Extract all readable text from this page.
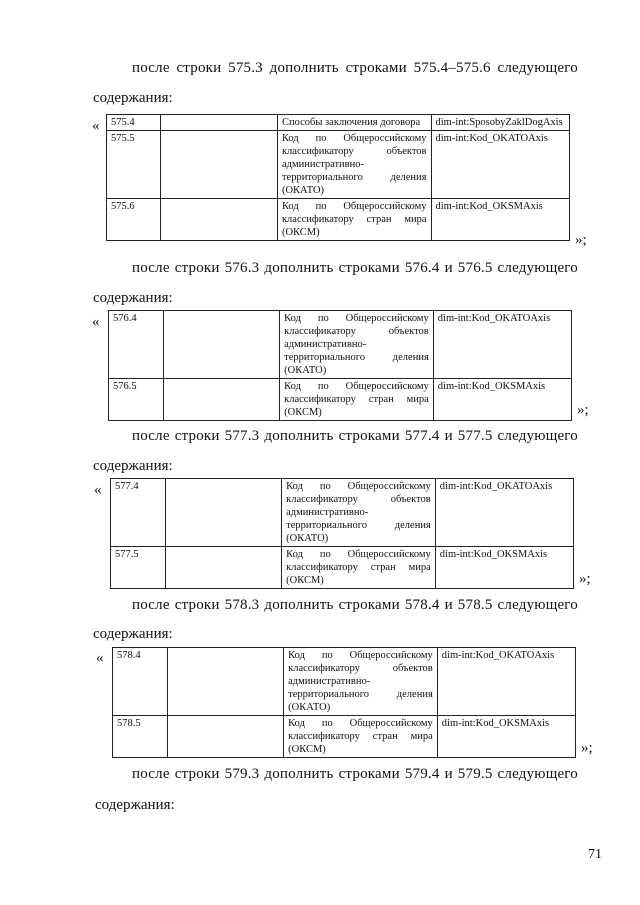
после строки 575.3 дополнить строками 575.4–575.6 следующего
содержания:
« 575.4		Способы заключения договора	dim-int:SposobyZaklDogAxis
575.5		Код по Общероссийскому классификатору объектов административно-территориального деления (ОКАТО)	dim-int:Kod_OKATOAxis
575.6		Код по Общероссийскому классификатору стран мира (ОКСМ)	dim-int:Kod_OKSMAxis
»;
после строки 576.3 дополнить строками 576.4 и 576.5 следующего
содержания:
« 576.4		Код по Общероссийскому классификатору объектов административно-территориального деления (ОКАТО)	dim-int:Kod_OKATOAxis
576.5		Код по Общероссийскому классификатору стран мира (ОКСМ)	dim-int:Kod_OKSMAxis
»;
после строки 577.3 дополнить строками 577.4 и 577.5 следующего
содержания:
« 577.4		Код по Общероссийскому классификатору объектов административно-территориального деления (ОКАТО)	dim-int:Kod_OKATOAxis
577.5		Код по Общероссийскому классификатору стран мира (ОКСМ)	dim-int:Kod_OKSMAxis
»;
после строки 578.3 дополнить строками 578.4 и 578.5 следующего
содержания:
« 578.4		Код по Общероссийскому классификатору объектов административно-территориального деления (ОКАТО)	dim-int:Kod_OKATOAxis
578.5		Код по Общероссийскому классификатору стран мира (ОКСМ)	dim-int:Kod_OKSMAxis
»;
после строки 579.3 дополнить строками 579.4 и 579.5 следующего
содержания:
71
